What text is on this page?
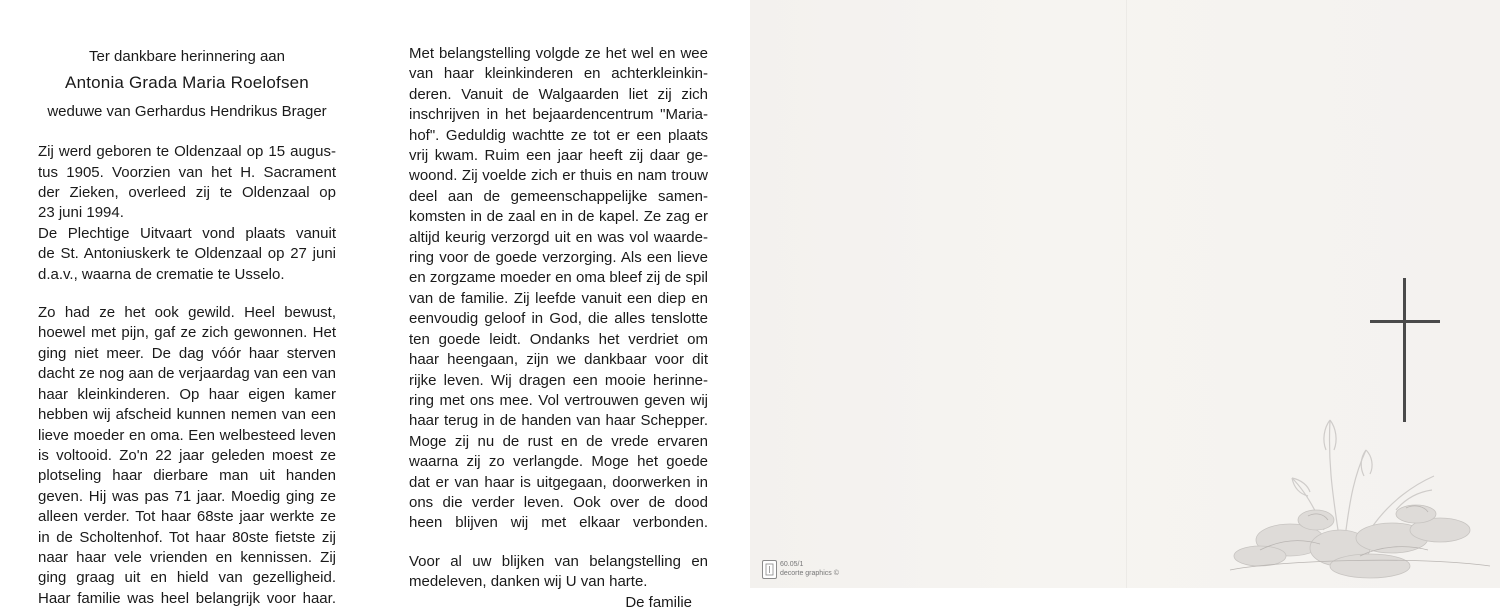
Ter dankbare herinnering aan
Antonia Grada Maria Roelofsen
weduwe van Gerhardus Hendrikus Brager
Zij werd geboren te Oldenzaal op 15 augus-
tus 1905. Voorzien van het H. Sacrament
der Zieken, overleed zij te Oldenzaal op
23 juni 1994.
De Plechtige Uitvaart vond plaats vanuit
de St. Antoniuskerk te Oldenzaal op 27 juni
d.a.v., waarna de crematie te Usselo.
Zo had ze het ook gewild. Heel bewust,
hoewel met pijn, gaf ze zich gewonnen. Het
ging niet meer. De dag vóór haar sterven
dacht ze nog aan de verjaardag van een van
haar kleinkinderen. Op haar eigen kamer
hebben wij afscheid kunnen nemen van een
lieve moeder en oma. Een welbesteed leven
is voltooid. Zo'n 22 jaar geleden moest ze
plotseling haar dierbare man uit handen
geven. Hij was pas 71 jaar. Moedig ging ze
alleen verder. Tot haar 68ste jaar werkte ze
in de Scholtenhof. Tot haar 80ste fietste zij
naar haar vele vrienden en kennissen. Zij
ging graag uit en hield van gezelligheid.
Haar familie was heel belangrijk voor haar.
Met belangstelling volgde ze het wel en wee
van haar kleinkinderen en achterkleinkin-
deren. Vanuit de Walgaarden liet zij zich
inschrijven in het bejaardencentrum "Maria-
hof". Geduldig wachtte ze tot er een plaats
vrij kwam. Ruim een jaar heeft zij daar ge-
woond. Zij voelde zich er thuis en nam trouw
deel aan de gemeenschappelijke samen-
komsten in de zaal en in de kapel. Ze zag er
altijd keurig verzorgd uit en was vol waarde-
ring voor de goede verzorging. Als een lieve
en zorgzame moeder en oma bleef zij de spil
van de familie. Zij leefde vanuit een diep en
eenvoudig geloof in God, die alles tenslotte
ten goede leidt. Ondanks het verdriet om
haar heengaan, zijn we dankbaar voor dit
rijke leven. Wij dragen een mooie herinne-
ring met ons mee. Vol vertrouwen geven wij
haar terug in de handen van haar Schepper.
Moge zij nu de rust en de vrede ervaren
waarna zij zo verlangde. Moge het goede
dat er van haar is uitgegaan, doorwerken in
ons die verder leven. Ook over de dood
heen blijven wij met elkaar verbonden.
Voor al uw blijken van belangstelling en
medeleven, danken wij U van harte.
De familie
60.05/1
decorte graphics ©
